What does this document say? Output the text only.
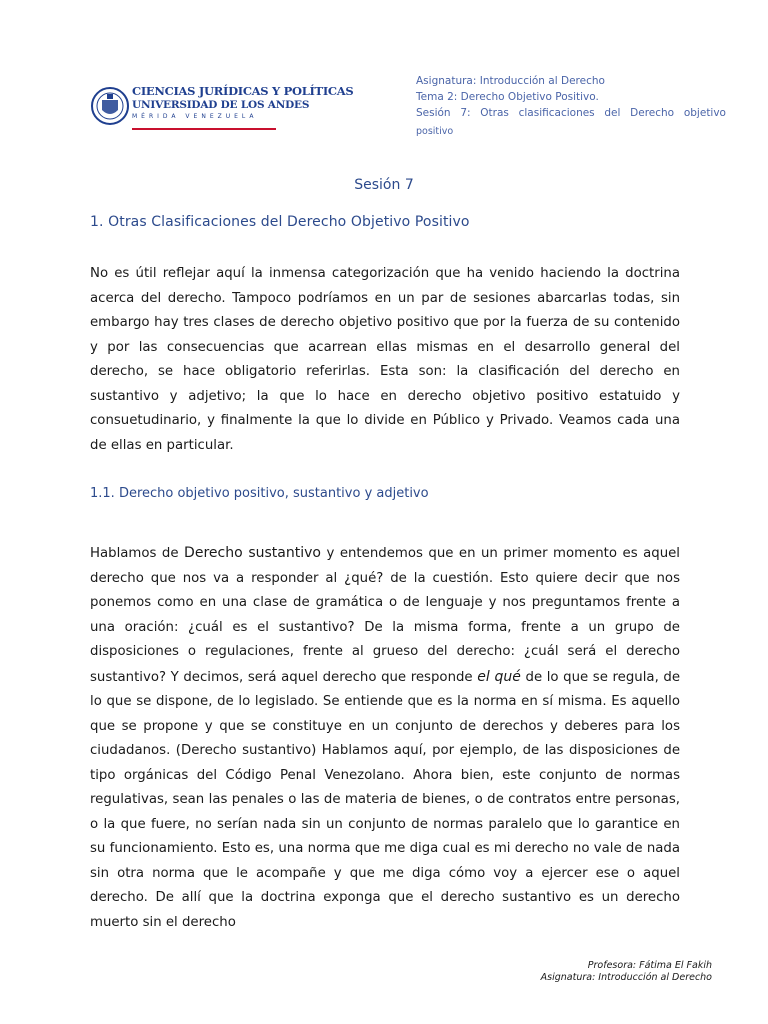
CIENCIAS JURÍDICAS Y POLÍTICAS
UNIVERSIDAD DE LOS ANDES
MÉRIDA VENEZUELA
Asignatura: Introducción al Derecho
Tema 2: Derecho Objetivo Positivo.
Sesión 7: Otras clasificaciones del Derecho objetivo
positivo
Sesión 7
1. Otras Clasificaciones del Derecho Objetivo Positivo
No es útil reflejar aquí la inmensa categorización que ha venido haciendo la doctrina acerca del derecho. Tampoco podríamos en un par de sesiones abarcarlas todas, sin embargo hay tres clases de derecho objetivo positivo que por la fuerza de su contenido y por las consecuencias que acarrean ellas mismas en el desarrollo general del derecho, se hace obligatorio referirlas. Esta son: la clasificación del derecho en sustantivo y adjetivo; la que lo hace en derecho objetivo positivo estatuido y consuetudinario, y finalmente la que lo divide en Público y Privado. Veamos cada una de ellas en particular.
1.1. Derecho objetivo positivo, sustantivo y adjetivo
Hablamos de Derecho sustantivo y entendemos que en un primer momento es aquel derecho que nos va a responder al ¿qué? de la cuestión. Esto quiere decir que nos ponemos como en una clase de gramática o de lenguaje y nos preguntamos frente a una oración: ¿cuál es el sustantivo? De la misma forma, frente a un grupo de disposiciones o regulaciones, frente al grueso del derecho: ¿cuál será el derecho sustantivo? Y decimos, será aquel derecho que responde el qué de lo que se regula, de lo que se dispone, de lo legislado. Se entiende que es la norma en sí misma. Es aquello que se propone y que se constituye en un conjunto de derechos y deberes para los ciudadanos. (Derecho sustantivo) Hablamos aquí, por ejemplo, de las disposiciones de tipo orgánicas del Código Penal Venezolano. Ahora bien, este conjunto de normas regulativas, sean las penales o las de materia de bienes, o de contratos entre personas, o la que fuere, no serían nada sin un conjunto de normas paralelo que lo garantice en su funcionamiento. Esto es, una norma que me diga cual es mi derecho no vale de nada sin otra norma que le acompañe y que me diga cómo voy a ejercer ese o aquel derecho. De allí que la doctrina exponga que el derecho sustantivo es un derecho muerto sin el derecho
Profesora: Fátima El Fakih
Asignatura: Introducción al Derecho
